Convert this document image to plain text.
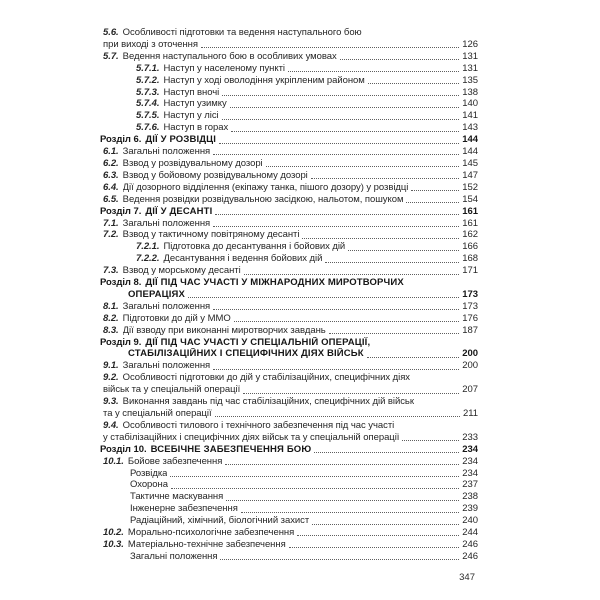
5.6. Особливості підготовки та ведення наступального бою
при виході з оточення	126
5.7. Ведення наступального бою в особливих умовах	131
5.7.1. Наступ у населеному пункті	131
5.7.2. Наступ у ході оволодіння укріпленим районом	135
5.7.3. Наступ вночі	138
5.7.4. Наступ узимку	140
5.7.5. Наступ у лісі	141
5.7.6. Наступ в горах	143
Розділ 6. ДІЇ У РОЗВІДЦІ	144
6.1. Загальні положення	144
6.2. Взвод у розвідувальному дозорі	145
6.3. Взвод у бойовому розвідувальному дозорі	147
6.4. Дії дозорного відділення (екіпажу танка, пішого дозору) у розвідці	152
6.5. Ведення розвідки розвідувальною засідкою, нальотом, пошуком	154
Розділ 7. ДІЇ У ДЕСАНТІ	161
7.1. Загальні положення	161
7.2. Взвод у тактичному повітряному десанті	162
7.2.1. Підготовка до десантування і бойових дій	166
7.2.2. Десантування і ведення бойових дій	168
7.3. Взвод у морському десанті	171
Розділ 8. ДІЇ ПІД ЧАС УЧАСТІ У МІЖНАРОДНИХ МИРОТВОРЧИХ
ОПЕРАЦІЯХ	173
8.1. Загальні положення	173
8.2. Підготовки до дій у ММО	176
8.3. Дії взводу при виконанні миротворчих завдань	187
Розділ 9. ДІЇ ПІД ЧАС УЧАСТІ У СПЕЦІАЛЬНІЙ ОПЕРАЦІЇ,
СТАБІЛІЗАЦІЙНИХ І СПЕЦИФІЧНИХ ДІЯХ ВІЙСЬК	200
9.1. Загальні положення	200
9.2. Особливості підготовки до дій у стабілізаційних, специфічних діях
військ та у спеціальній операції	207
9.3. Виконання завдань під час стабілізаційних, специфічних дій військ
та у спеціальній операції	211
9.4. Особливості тилового і технічного забезпечення під час участі
у стабілізаційних і специфічних діях військ та у спеціальній операції	233
Розділ 10. ВСЕБІЧНЕ ЗАБЕЗПЕЧЕННЯ БОЮ	234
10.1. Бойове забезпечення	234
Розвідка	234
Охорона	237
Тактичне маскування	238
Інженерне забезпечення	239
Радіаційний, хімічний, біологічний захист	240
10.2. Морально-психологічне забезпечення	244
10.3. Матеріально-технічне забезпечення	246
Загальні положення	246
347
